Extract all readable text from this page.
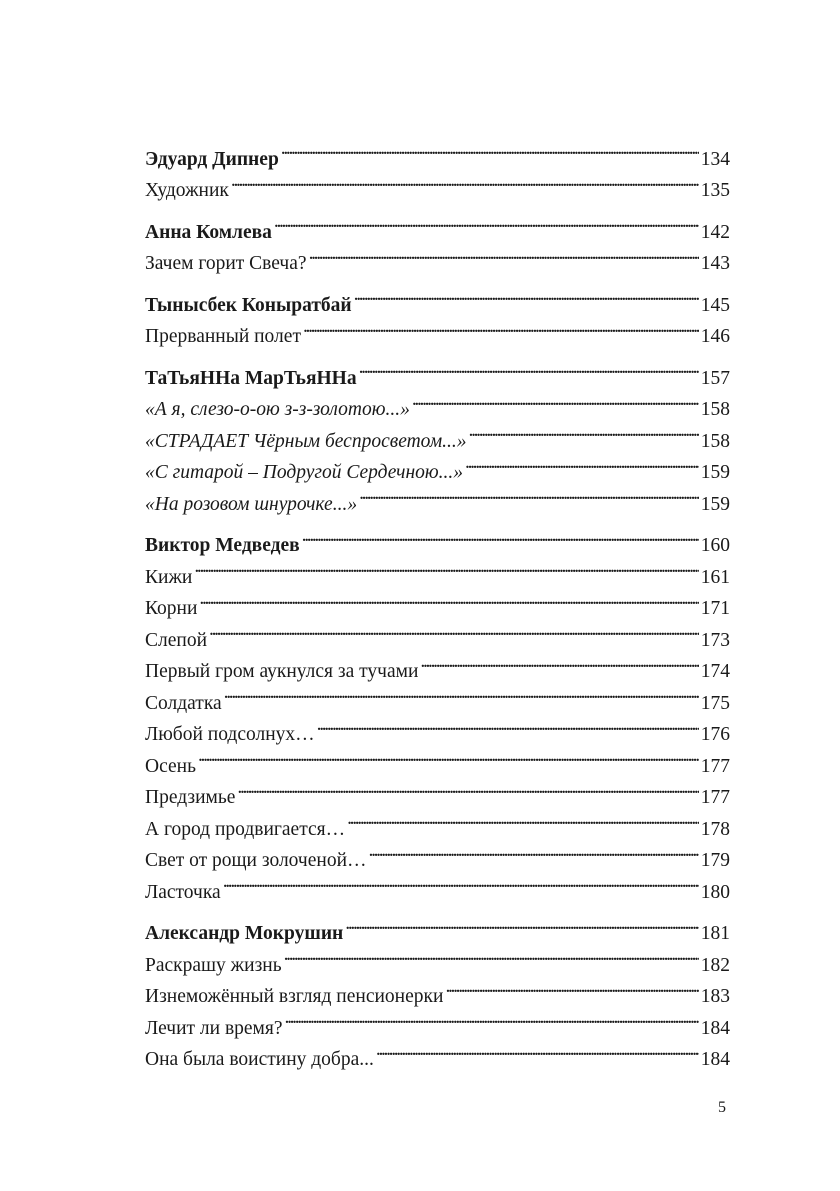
Эдуард Дипнер . . .	134
Художник . . .	135
Анна Комлева . . .	142
Зачем горит Свеча? . . .	143
Тынысбек Коныратбай . . .	145
Прерванный полет . . .	146
ТаТьяННа МарТьяННа . . .	157
«А я, слезо-о-ою з-з-золотою...» . . .	158
«СТРАДАЕТ Чёрным беспросветом...» . . .	158
«С гитарой – Подругой Сердечною...» . . .	159
«На розовом шнурочке...» . . .	159
Виктор Медведев . . .	160
Кижи . . .	161
Корни . . .	171
Слепой . . .	173
Первый гром аукнулся за тучами . . .	174
Солдатка . . .	175
Любой подсолнух… . . .	176
Осень . . .	177
Предзимье . . .	177
А город продвигается… . . .	178
Свет от рощи золоченой… . . .	179
Ласточка . . .	180
Александр Мокрушин . . .	181
Раскрашу жизнь . . .	182
Изнеможённый взгляд пенсионерки . . .	183
Лечит ли время? . . .	184
Она была воистину добра... . . .	184
5
